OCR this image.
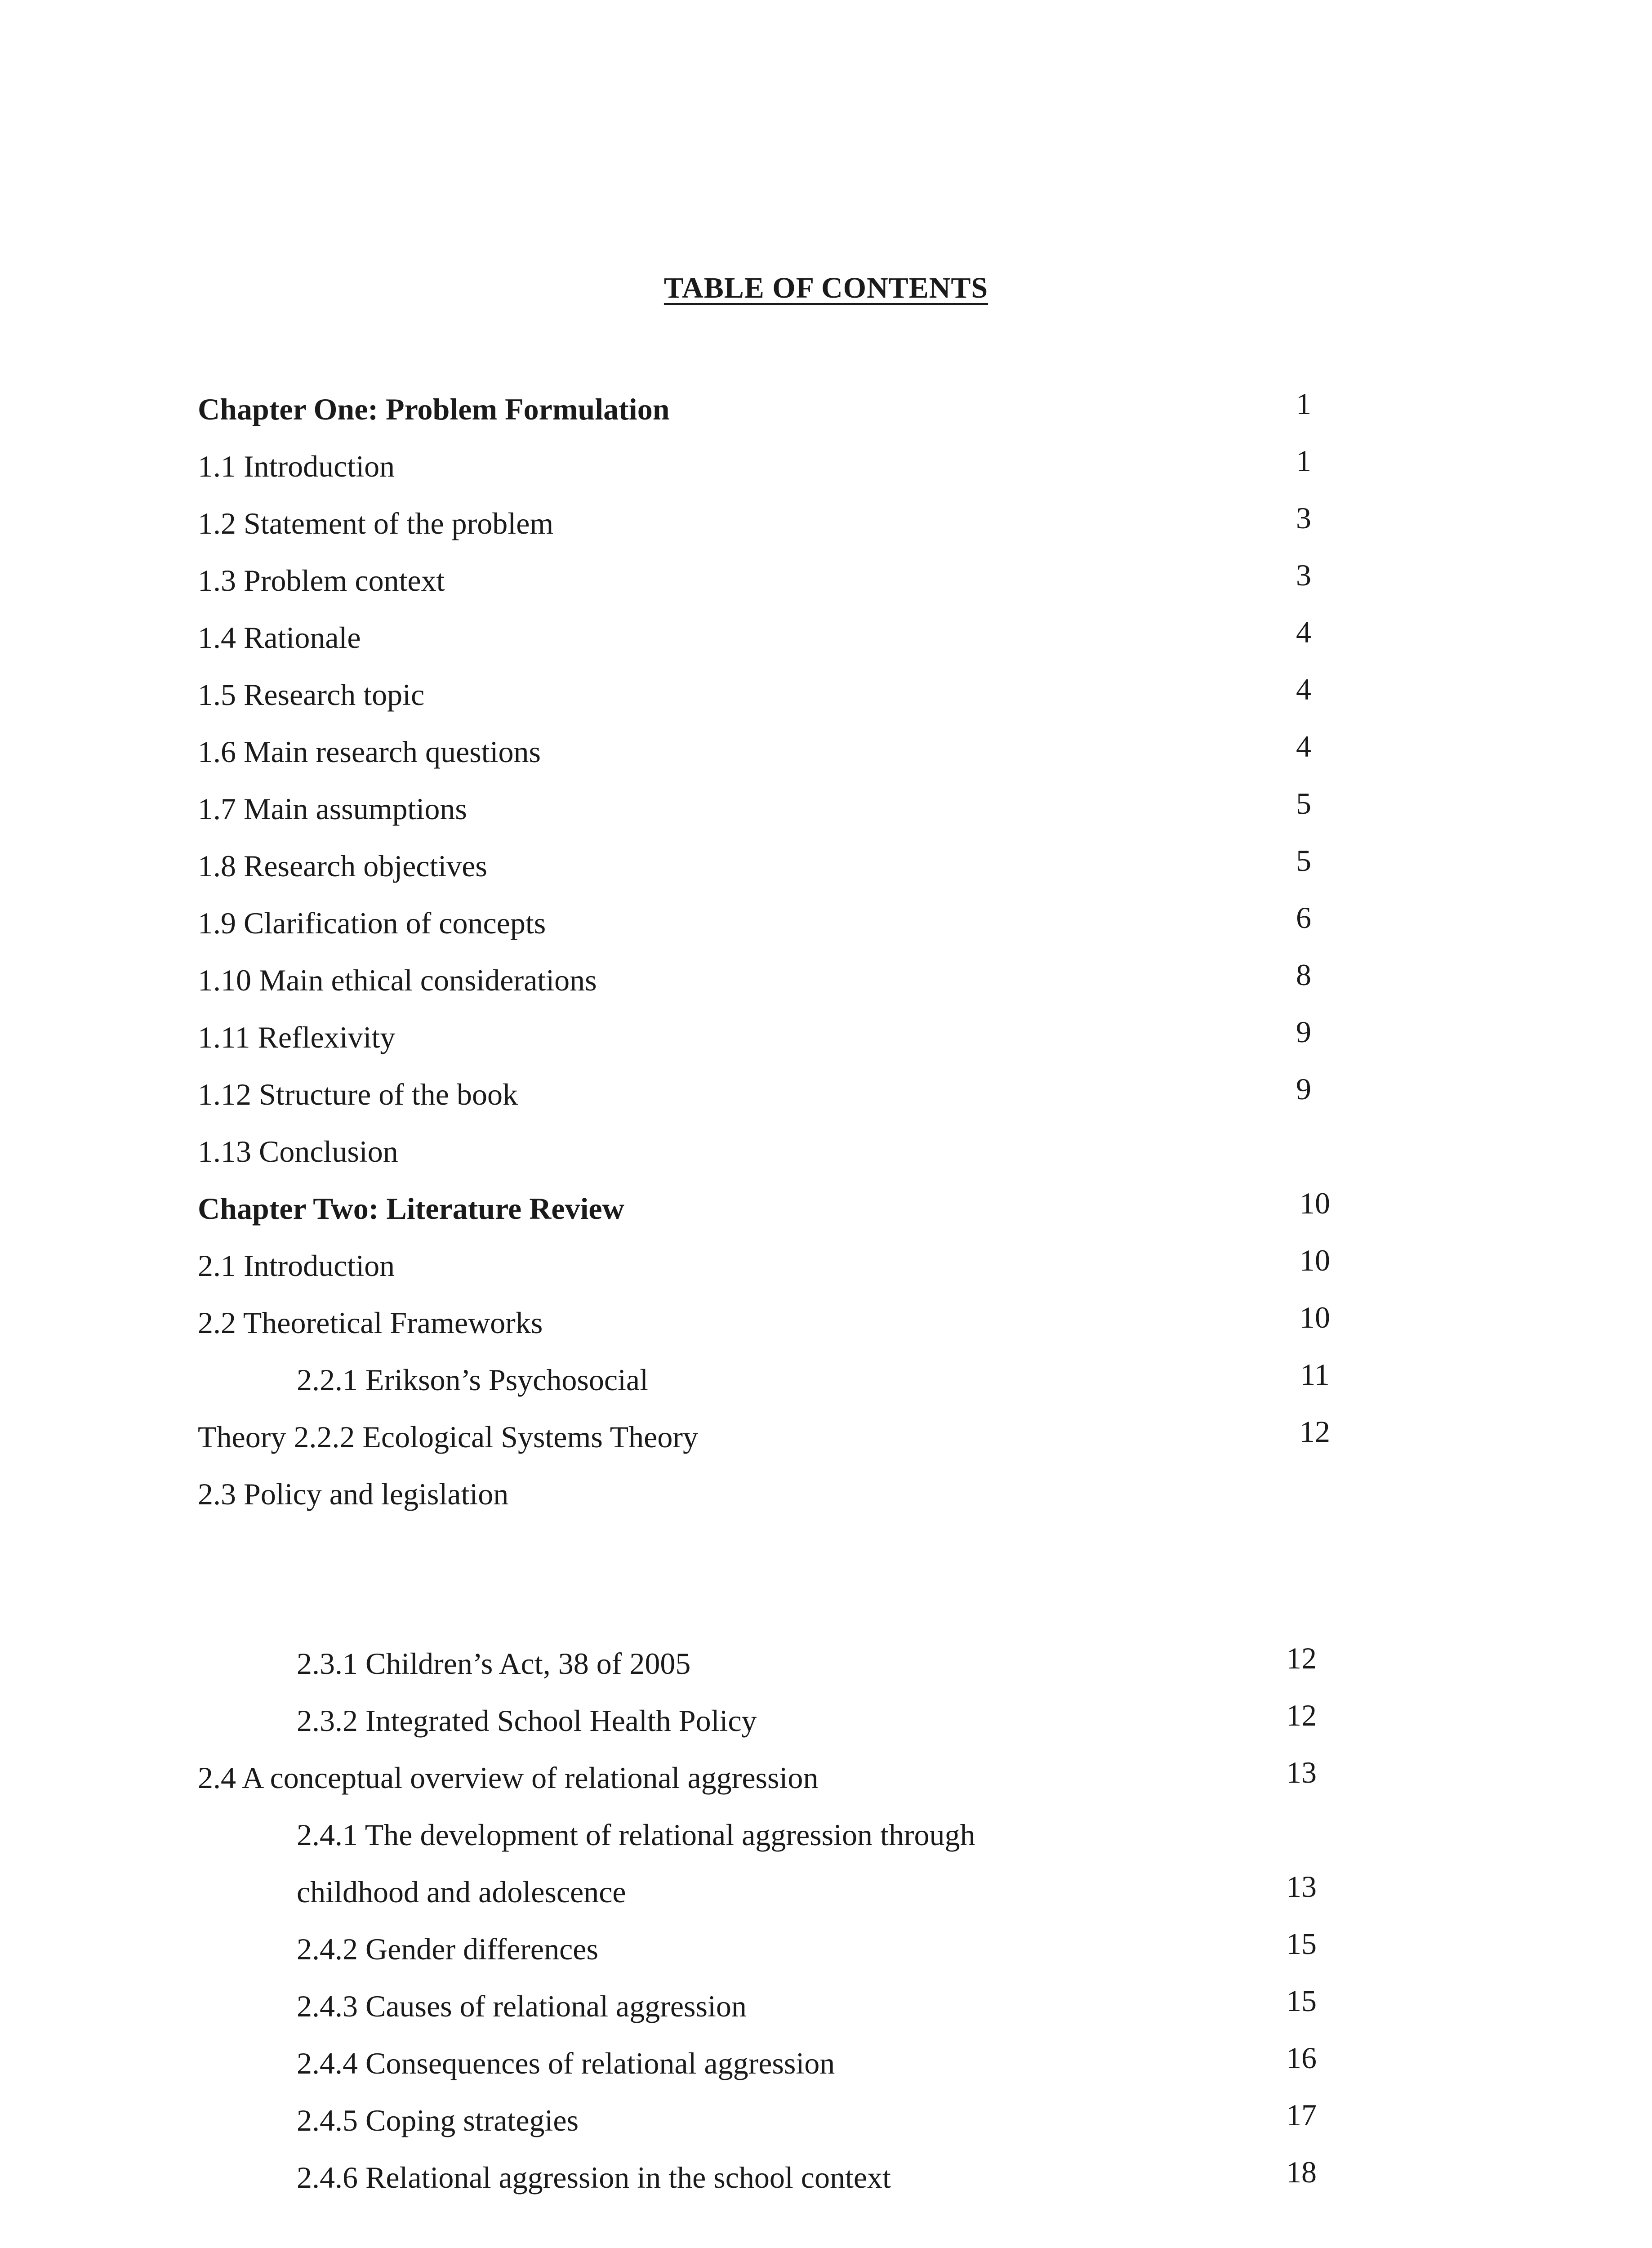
TABLE OF CONTENTS
Chapter One: Problem Formulation	1
1.1 Introduction	1
1.2 Statement of the problem	3
1.3 Problem context	3
1.4 Rationale	4
1.5 Research topic	4
1.6 Main research questions	4
1.7 Main assumptions	5
1.8 Research objectives	5
1.9 Clarification of concepts	6
1.10 Main ethical considerations	8
1.11 Reflexivity	9
1.12 Structure of the book	9
1.13 Conclusion
Chapter Two: Literature Review	10
2.1 Introduction	10
2.2 Theoretical Frameworks	10
2.2.1 Erikson’s Psychosocial	11
Theory 2.2.2 Ecological Systems Theory	12
2.3 Policy and legislation
2.3.1 Children’s Act, 38 of 2005	12
2.3.2 Integrated School Health Policy	12
2.4 A conceptual overview of relational aggression	13
2.4.1 The development of relational aggression through
childhood and adolescence	13
2.4.2 Gender differences	15
2.4.3 Causes of relational aggression	15
2.4.4 Consequences of relational aggression	16
2.4.5 Coping strategies	17
2.4.6 Relational aggression in the school context	18
